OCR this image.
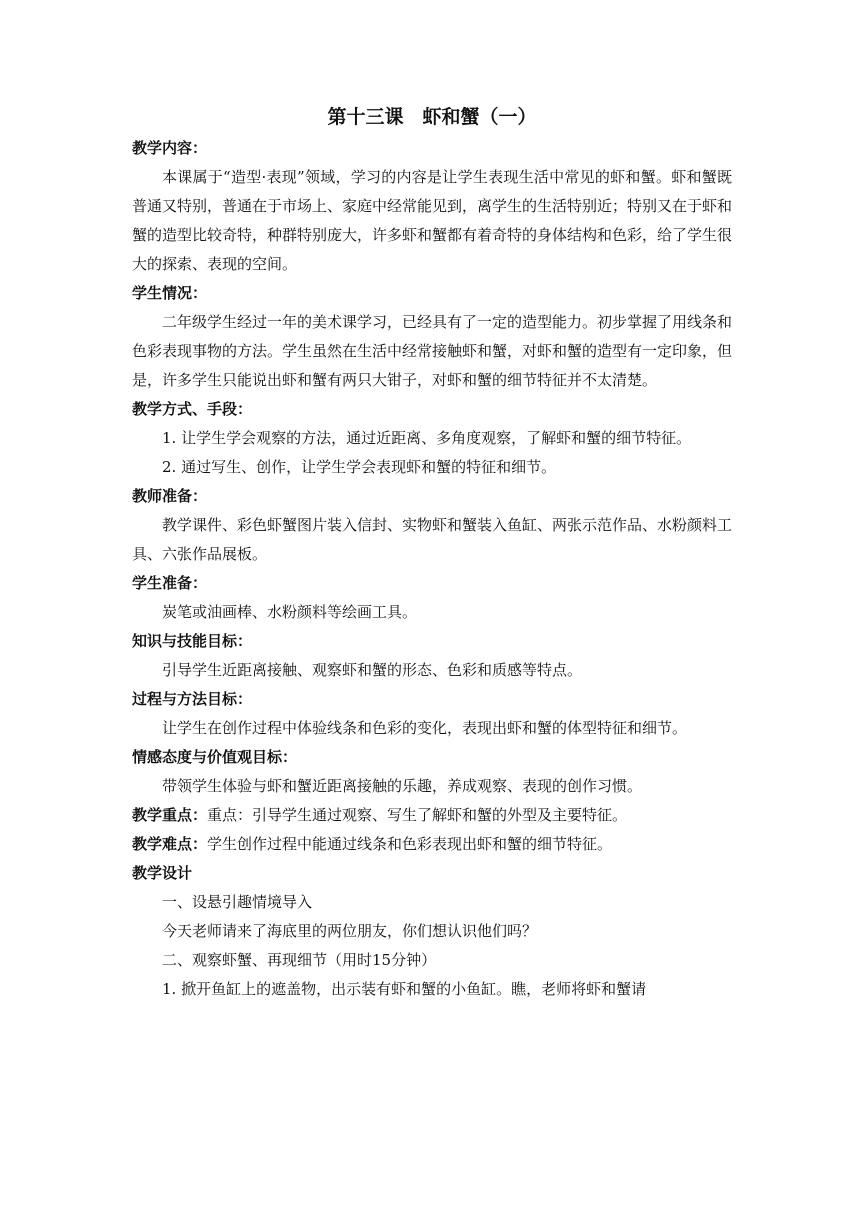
第十三课　虾和蟹（一）
教学内容：

本课属于“造型·表现”领域，学习的内容是让学生表现生活中常见的虾和蟹。虾和蟹既普通又特别，普通在于市场上、家庭中经常能见到，离学生的生活特别近；特别又在于虾和蟹的造型比较奇特，种群特别庞大，许多虾和蟹都有着奇特的身体结构和色彩，给了学生很大的探索、表现的空间。

学生情况：

二年级学生经过一年的美术课学习，已经具有了一定的造型能力。初步掌握了用线条和色彩表现事物的方法。学生虽然在生活中经常接触虾和蟹，对虾和蟹的造型有一定印象，但是，许多学生只能说出虾和蟹有两只大钳子，对虾和蟹的细节特征并不太清楚。

教学方式、手段：

1. 让学生学会观察的方法，通过近距离、多角度观察，了解虾和蟹的细节特征。

2. 通过写生、创作，让学生学会表现虾和蟹的特征和细节。

教师准备：

教学课件、彩色虾蟹图片装入信封、实物虾和蟹装入鱼缸、两张示范作品、水粉颜料工具、六张作品展板。

学生准备：

炭笔或油画棒、水粉颜料等绘画工具。

知识与技能目标：

引导学生近距离接触、观察虾和蟹的形态、色彩和质感等特点。

过程与方法目标：

让学生在创作过程中体验线条和色彩的变化，表现出虾和蟹的体型特征和细节。

情感态度与价值观目标：

带领学生体验与虾和蟹近距离接触的乐趣，养成观察、表现的创作习惯。

教学重点：重点：引导学生通过观察、写生了解虾和蟹的外型及主要特征。

教学难点：学生创作过程中能通过线条和色彩表现出虾和蟹的细节特征。

教学设计

一、设悬引趣情境导入

今天老师请来了海底里的两位朋友，你们想认识他们吗？

二、观察虾蟹、再现细节（用时15分钟）

1. 掀开鱼缸上的遮盖物，出示装有虾和蟹的小鱼缸。瞧，老师将虾和蟹请
